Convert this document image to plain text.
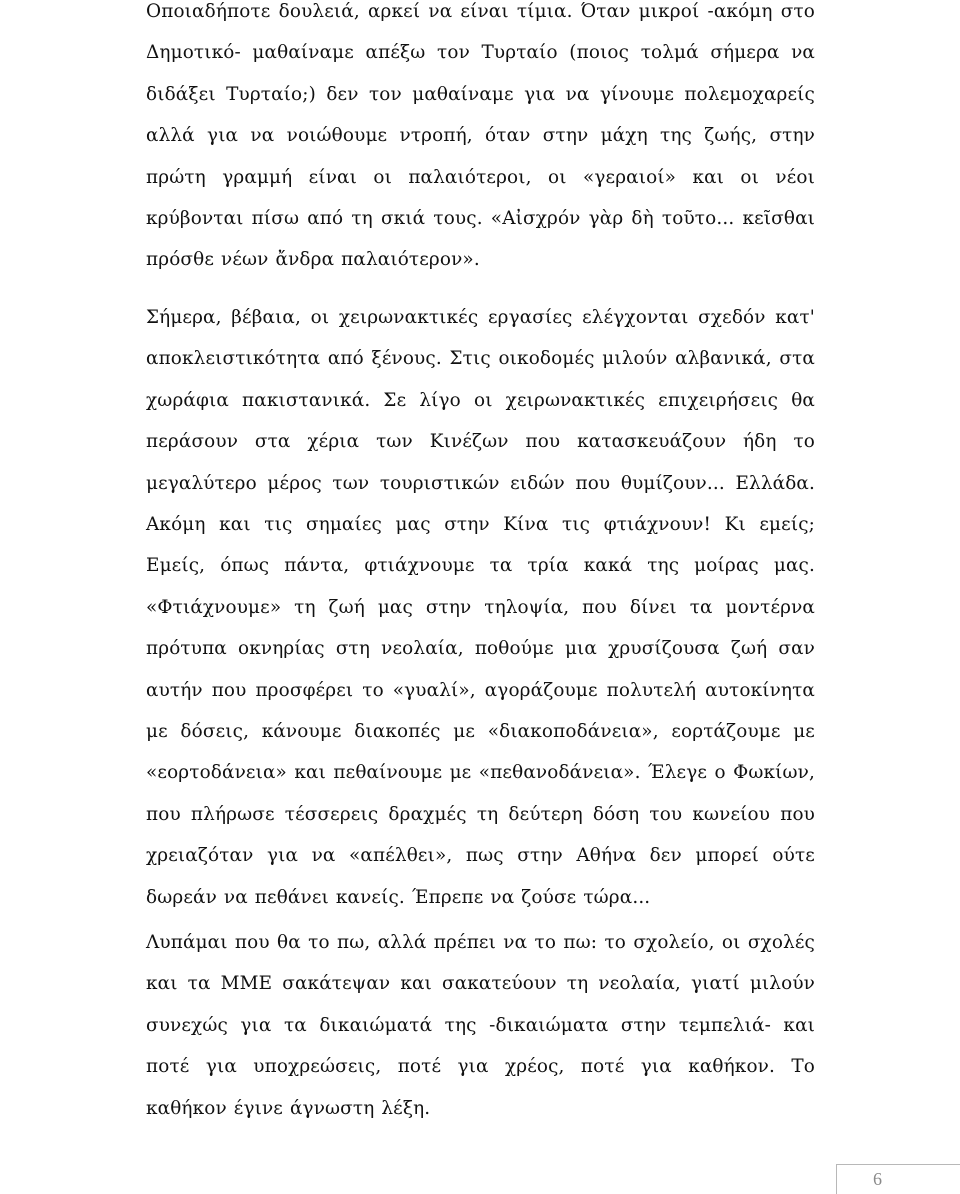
Οποιαδήποτε δουλειά, αρκεί να είναι τίμια. Όταν μικροί -ακόμη στο Δημοτικό- μαθαίναμε απέξω τον Τυρταίο (ποιος τολμά σήμερα να διδάξει Τυρταίο;) δεν τον μαθαίναμε για να γίνουμε πολεμοχαρείς αλλά για να νοιώθουμε ντροπή, όταν στην μάχη της ζωής, στην πρώτη γραμμή είναι οι παλαιότεροι, οι «γεραιοί» και οι νέοι κρύβονται πίσω από τη σκιά τους. «Αἰσχρόν γὰρ δὴ τοῦτο... κεῖσθαι πρόσθε νέων ἄνδρα παλαιότερον».

Σήμερα, βέβαια, οι χειρωνακτικές εργασίες ελέγχονται σχεδόν κατ' αποκλειστικότητα από ξένους. Στις οικοδομές μιλούν αλβανικά, στα χωράφια πακιστανικά. Σε λίγο οι χειρωνακτικές επιχειρήσεις θα περάσουν στα χέρια των Κινέζων που κατασκευάζουν ήδη το μεγαλύτερο μέρος των τουριστικών ειδών που θυμίζουν... Ελλάδα. Ακόμη και τις σημαίες μας στην Κίνα τις φτιάχνουν! Κι εμείς; Εμείς, όπως πάντα, φτιάχνουμε τα τρία κακά της μοίρας μας. «Φτιάχνουμε» τη ζωή μας στην τηλοψία, που δίνει τα μοντέρνα πρότυπα οκνηρίας στη νεολαία, ποθούμε μια χρυσίζουσα ζωή σαν αυτήν που προσφέρει το «γυαλί», αγοράζουμε πολυτελή αυτοκίνητα με δόσεις, κάνουμε διακοπές με «διακοποδάνεια», εορτάζουμε με «εορτοδάνεια» και πεθαίνουμε με «πεθανοδάνεια». Έλεγε ο Φωκίων, που πλήρωσε τέσσερεις δραχμές τη δεύτερη δόση του κωνείου που χρειαζόταν για να «απέλθει», πως στην Αθήνα δεν μπορεί ούτε δωρεάν να πεθάνει κανείς. Έπρεπε να ζούσε τώρα...

Λυπάμαι που θα το πω, αλλά πρέπει να το πω: το σχολείο, οι σχολές και τα ΜΜΕ σακάτεψαν και σακατεύουν τη νεολαία, γιατί μιλούν συνεχώς για τα δικαιώματά της -δικαιώματα στην τεμπελιά- και ποτέ για υποχρεώσεις, ποτέ για χρέος, ποτέ για καθήκον. Το καθήκον έγινε άγνωστη λέξη.

6
